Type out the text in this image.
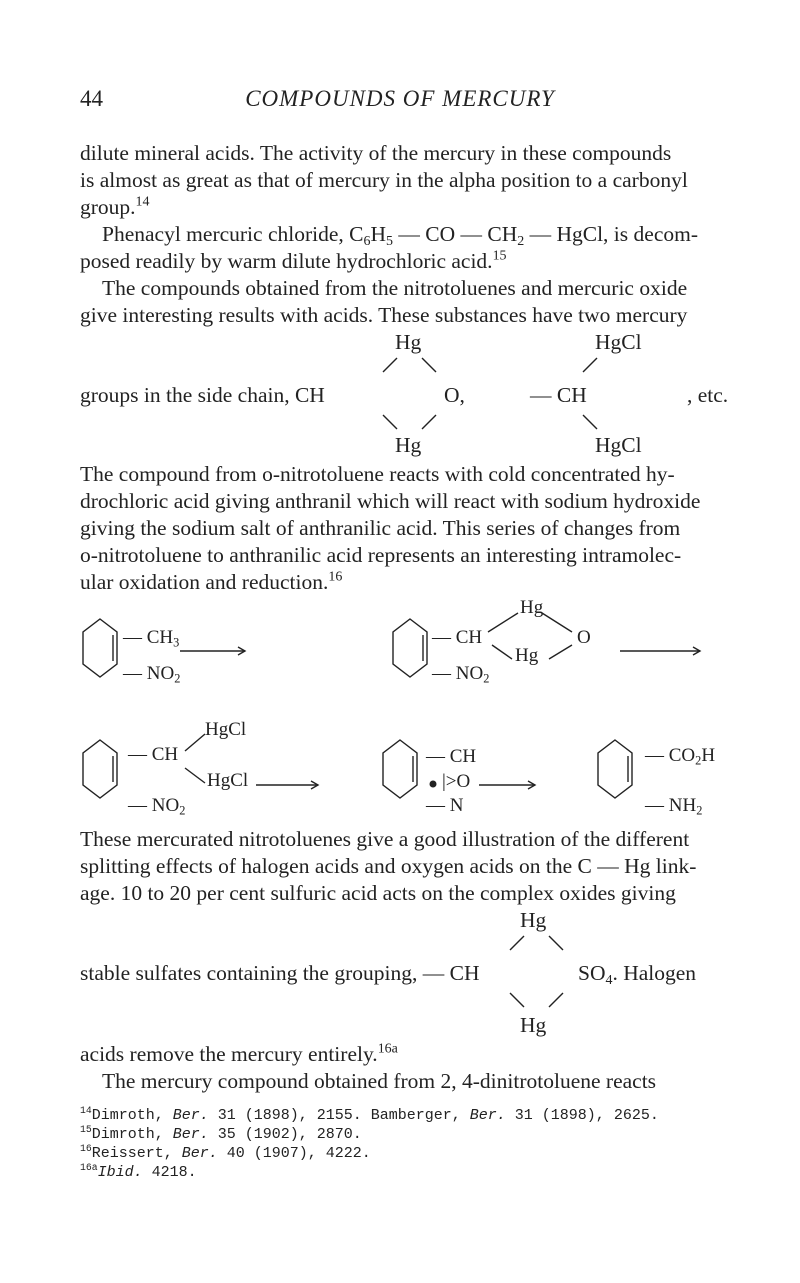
44	COMPOUNDS OF MERCURY
dilute mineral acids. The activity of the mercury in these compounds
is almost as great as that of mercury in the alpha position to a carbonyl
group.$^{14}$
Phenacyl mercuric chloride, $C_6H_5$ — CO — $CH_2$ — HgCl, is decom-
posed readily by warm dilute hydrochloric acid.$^{15}$
The compounds obtained from the nitrotoluenes and mercuric oxide
give interesting results with acids. These substances have two mercury
Hg	HgCl
groups in the side chain, CH	O,	— CH	, etc.
Hg	HgCl
The compound from o-nitrotoluene reacts with cold concentrated hy-
drochloric acid giving anthranil which will react with sodium hydroxide
giving the sodium salt of anthranilic acid. This series of changes from
o-nitrotoluene to anthranilic acid represents an interesting intramolec-
ular oxidation and reduction.$^{16}$
— $CH_3$
— $NO_2$
Hg
— CH	O
Hg
— $NO_2$
HgCl
— CH
HgCl
— $NO_2$
— CH
|>O
— N
— $CO_2H$
— $NH_2$
These mercurated nitrotoluenes give a good illustration of the different
splitting effects of halogen acids and oxygen acids on the C — Hg link-
age. 10 to 20 per cent sulfuric acid acts on the complex oxides giving
Hg
stable sulfates containing the grouping, — CH	$SO_4$. Halogen
Hg
acids remove the mercury entirely.$^{16a}$
The mercury compound obtained from 2, 4-dinitrotoluene reacts
$^{14}$Dimroth, Ber. 31 (1898), 2155. Bamberger, Ber. 31 (1898), 2625.
$^{15}$Dimroth, Ber. 35 (1902), 2870.
$^{16}$Reissert, Ber. 40 (1907), 4222.
$^{16a}$Ibid. 4218.
